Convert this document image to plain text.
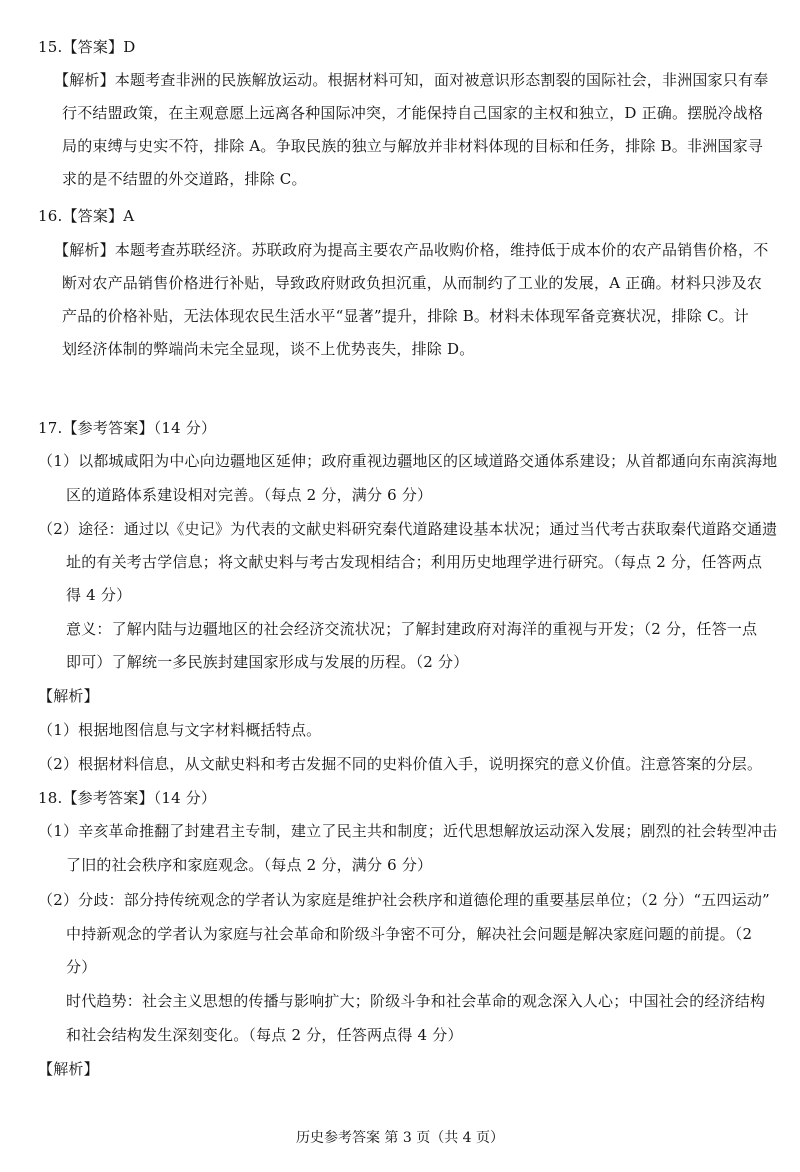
15.【答案】D
【解析】本题考查非洲的民族解放运动。根据材料可知，面对被意识形态割裂的国际社会，非洲国家只有奉
行不结盟政策，在主观意愿上远离各种国际冲突，才能保持自己国家的主权和独立，D 正确。摆脱冷战格
局的束缚与史实不符，排除 A。争取民族的独立与解放并非材料体现的目标和任务，排除 B。非洲国家寻
求的是不结盟的外交道路，排除 C。
16.【答案】A
【解析】本题考查苏联经济。苏联政府为提高主要农产品收购价格，维持低于成本价的农产品销售价格，不
断对农产品销售价格进行补贴，导致政府财政负担沉重，从而制约了工业的发展，A 正确。材料只涉及农
产品的价格补贴，无法体现农民生活水平“显著”提升，排除 B。材料未体现军备竞赛状况，排除 C。计
划经济体制的弊端尚未完全显现，谈不上优势丧失，排除 D。
17.【参考答案】（14 分）
（1）以都城咸阳为中心向边疆地区延伸；政府重视边疆地区的区域道路交通体系建设；从首都通向东南滨海地
区的道路体系建设相对完善。（每点 2 分，满分 6 分）
（2）途径：通过以《史记》为代表的文献史料研究秦代道路建设基本状况；通过当代考古获取秦代道路交通遗
址的有关考古学信息；将文献史料与考古发现相结合；利用历史地理学进行研究。（每点 2 分，任答两点
得 4 分）
意义：了解内陆与边疆地区的社会经济交流状况；了解封建政府对海洋的重视与开发；（2 分，任答一点
即可）了解统一多民族封建国家形成与发展的历程。（2 分）
【解析】
（1）根据地图信息与文字材料概括特点。
（2）根据材料信息，从文献史料和考古发掘不同的史料价值入手，说明探究的意义价值。注意答案的分层。
18.【参考答案】（14 分）
（1）辛亥革命推翻了封建君主专制，建立了民主共和制度；近代思想解放运动深入发展；剧烈的社会转型冲击
了旧的社会秩序和家庭观念。（每点 2 分，满分 6 分）
（2）分歧：部分持传统观念的学者认为家庭是维护社会秩序和道德伦理的重要基层单位；（2 分）“五四运动”
中持新观念的学者认为家庭与社会革命和阶级斗争密不可分，解决社会问题是解决家庭问题的前提。（2
分）
时代趋势：社会主义思想的传播与影响扩大；阶级斗争和社会革命的观念深入人心；中国社会的经济结构
和社会结构发生深刻变化。（每点 2 分，任答两点得 4 分）
【解析】
历史参考答案 第 3 页（共 4 页）
